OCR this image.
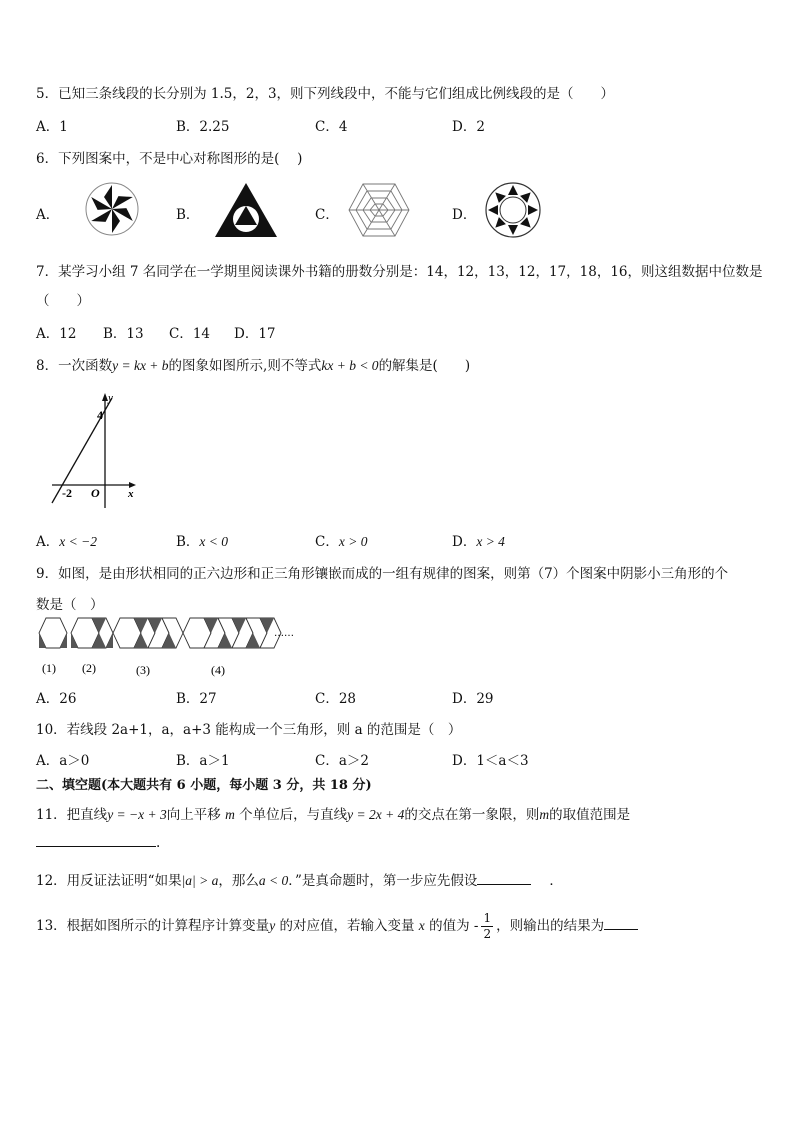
5．已知三条线段的长分别为 1.5，2，3，则下列线段中，不能与它们组成比例线段的是（　　）
A．1	B．2.25	C．4	D．2
6．下列图案中，不是中心对称图形的是(　 )
A．	B．	C．	D．
7．某学习小组 7 名同学在一学期里阅读课外书籍的册数分别是：14，12，13，12，17，18，16，则这组数据中位数是
（　　）
A．12 B．13 C．14 D．17
8．一次函数y = kx + b的图象如图所示,则不等式kx + b < 0的解集是(　　)
y
4
x
-2 O
A．x < −2	B．x < 0	C．x > 0	D．x > 4
9．如图，是由形状相同的正六边形和正三角形镶嵌而成的一组有规律的图案，则第（7）个图案中阴影小三角形的个
数是（　）
……
(1) (2)	(3)	(4)
A．26	B．27	C．28	D．29
10．若线段 2a+1，a，a+3 能构成一个三角形，则 a 的范围是（　）
A．a＞0	B．a＞1	C．a＞2	D．1＜a＜3
二、填空题(本大题共有 6 小题，每小题 3 分，共 18 分)
11．把直线y = −x + 3向上平移 m 个单位后，与直线y = 2x + 4的交点在第一象限，则m的取值范围是
.
12．用反证法证明“如果|a| > a，那么a < 0．”是真命题时，第一步应先假设	．
13．根据如图所示的计算程序计算变量y 的对应值，若输入变量 x 的值为 - $\frac{1}{2}$ ，则输出的结果为
